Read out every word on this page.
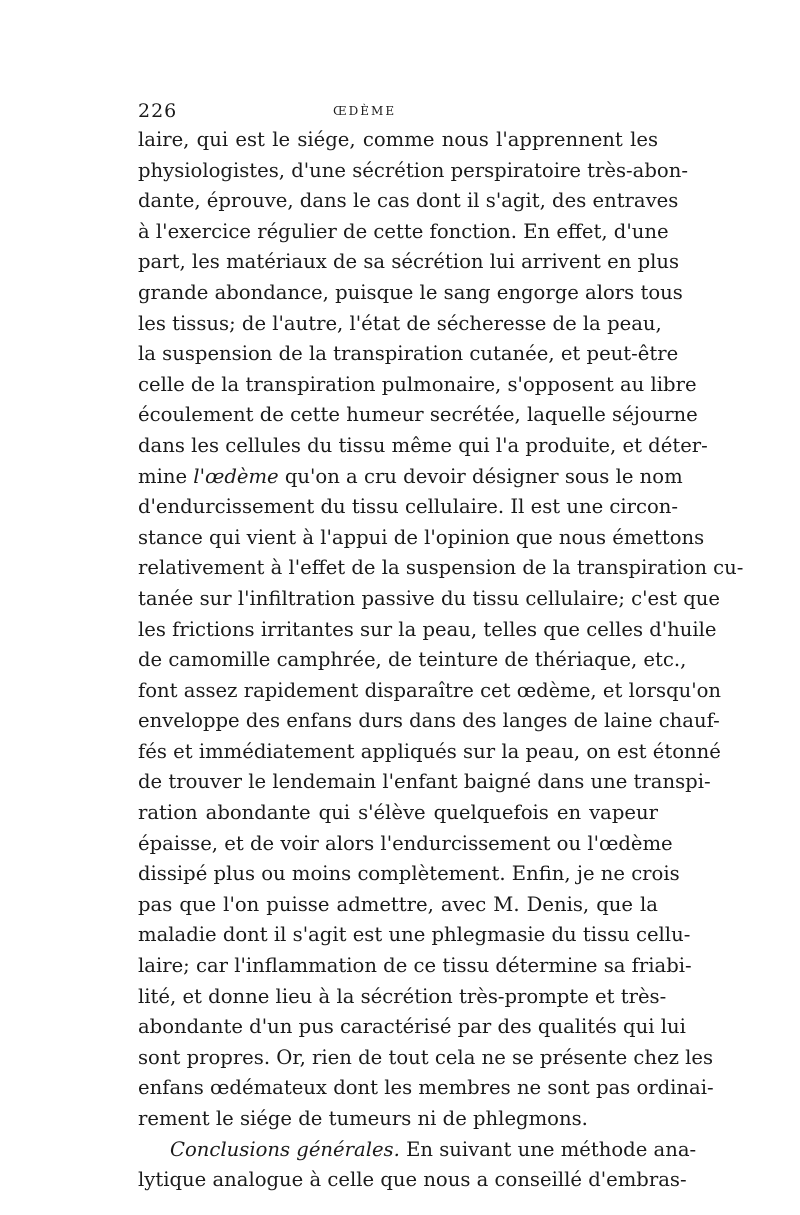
226	ŒDÈME
laire, qui est le siége, comme nous l'apprennent les
physiologistes, d'une sécrétion perspiratoire très-abon-
dante, éprouve, dans le cas dont il s'agit, des entraves
à l'exercice régulier de cette fonction. En effet, d'une
part, les matériaux de sa sécrétion lui arrivent en plus
grande abondance, puisque le sang engorge alors tous
les tissus; de l'autre, l'état de sécheresse de la peau,
la suspension de la transpiration cutanée, et peut-être
celle de la transpiration pulmonaire, s'opposent au libre
écoulement de cette humeur secrétée, laquelle séjourne
dans les cellules du tissu même qui l'a produite, et déter-
mine l'œdème qu'on a cru devoir désigner sous le nom
d'endurcissement du tissu cellulaire. Il est une circon-
stance qui vient à l'appui de l'opinion que nous émettons
relativement à l'effet de la suspension de la transpiration cu-
tanée sur l'infiltration passive du tissu cellulaire; c'est que
les frictions irritantes sur la peau, telles que celles d'huile
de camomille camphrée, de teinture de thériaque, etc.,
font assez rapidement disparaître cet œdème, et lorsqu'on
enveloppe des enfans durs dans des langes de laine chauf-
fés et immédiatement appliqués sur la peau, on est étonné
de trouver le lendemain l'enfant baigné dans une transpi-
ration abondante qui s'élève quelquefois en vapeur
épaisse, et de voir alors l'endurcissement ou l'œdème
dissipé plus ou moins complètement. Enfin, je ne crois
pas que l'on puisse admettre, avec M. Denis, que la
maladie dont il s'agit est une phlegmasie du tissu cellu-
laire; car l'inflammation de ce tissu détermine sa friabi-
lité, et donne lieu à la sécrétion très-prompte et très-
abondante d'un pus caractérisé par des qualités qui lui
sont propres. Or, rien de tout cela ne se présente chez les
enfans œdémateux dont les membres ne sont pas ordinai-
rement le siége de tumeurs ni de phlegmons.
Conclusions générales. En suivant une méthode ana-
lytique analogue à celle que nous a conseillé d'embras-
